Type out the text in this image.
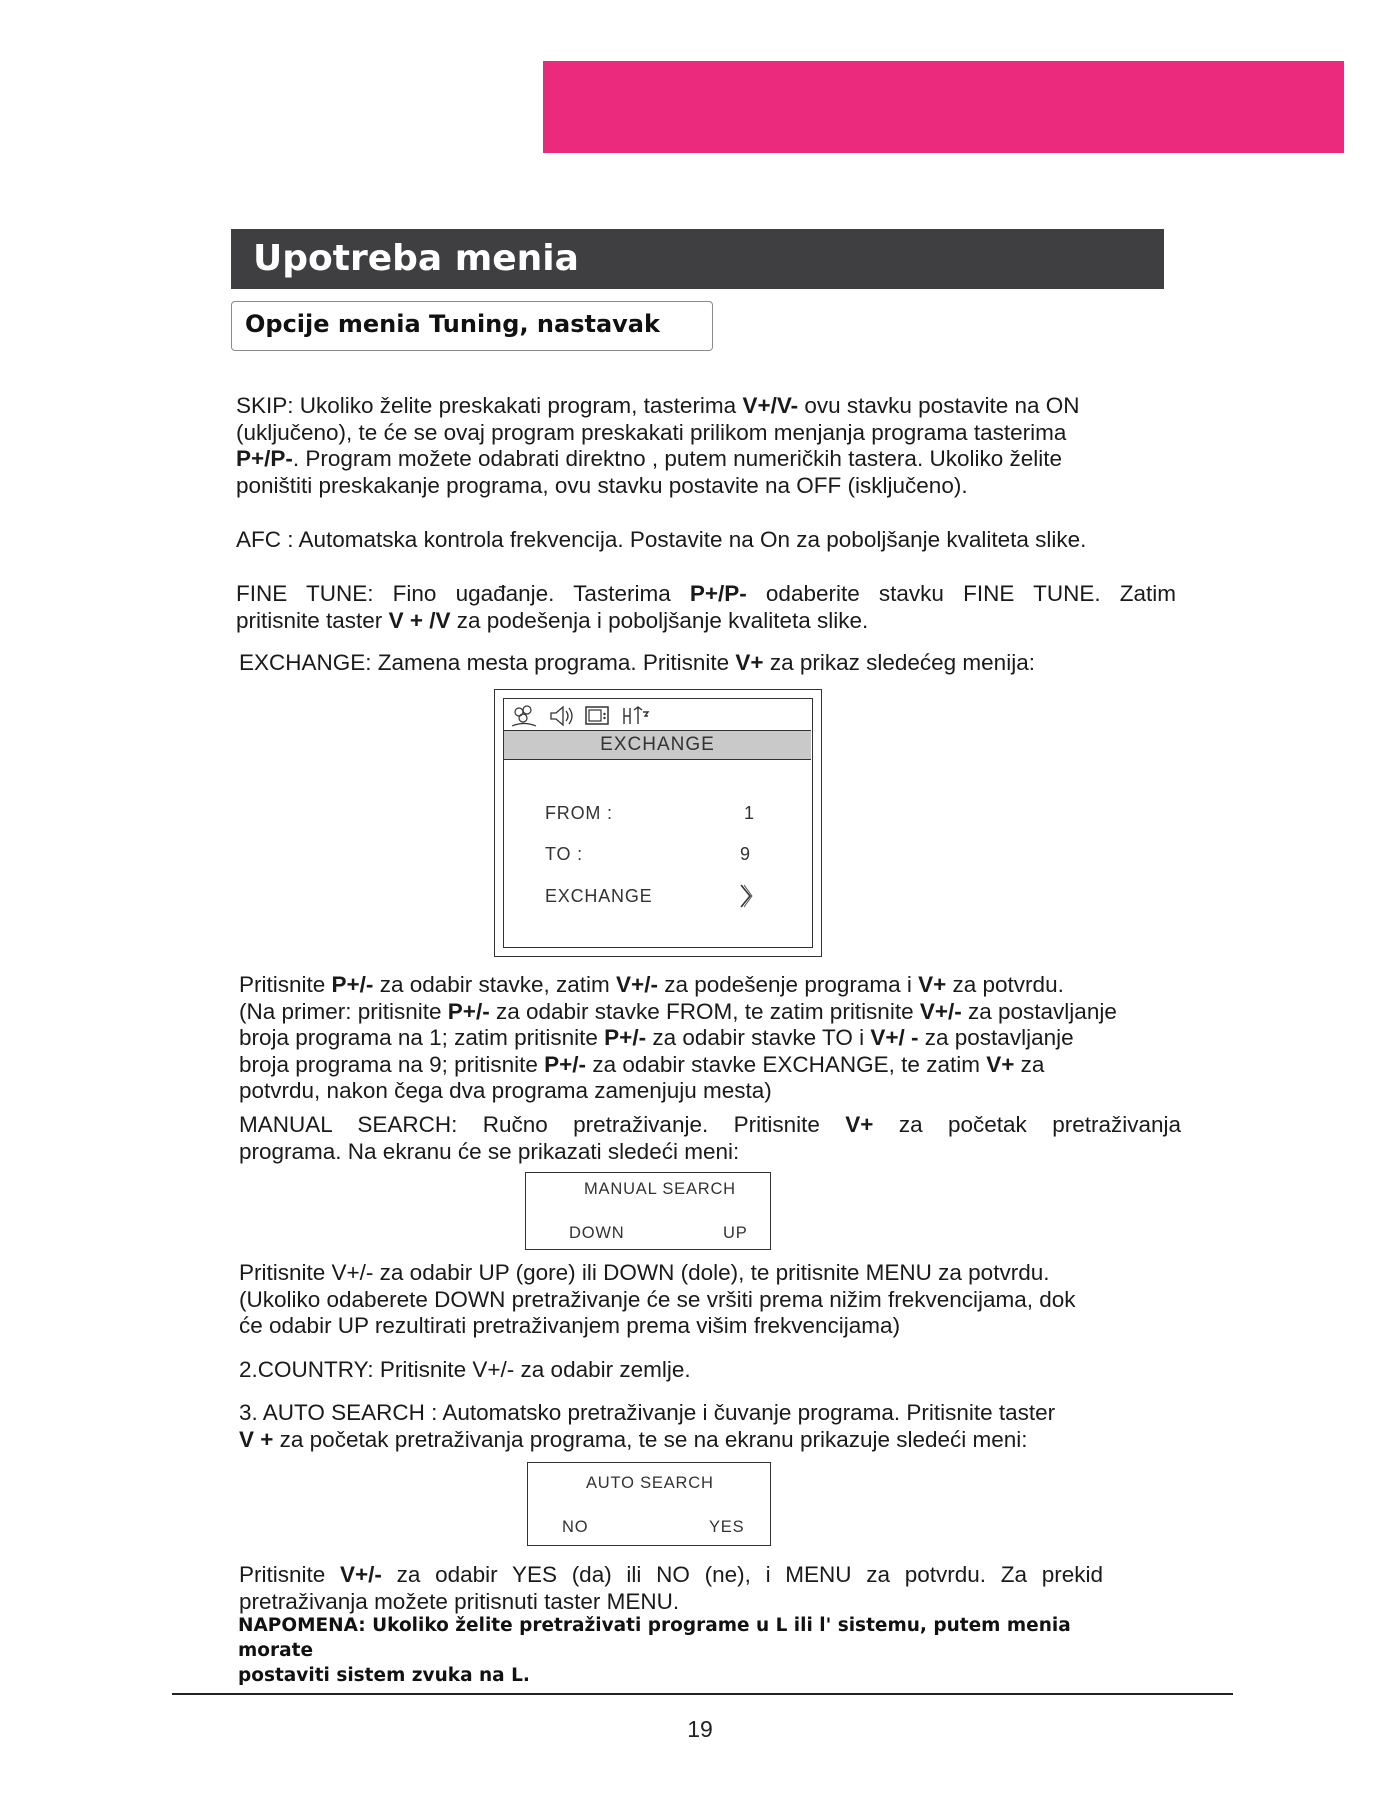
Upotreba menia
Opcije menia Tuning, nastavak
SKIP: Ukoliko želite preskakati program, tasterima V+/V- ovu stavku postavite na ON
(uključeno), te će se ovaj program preskakati prilikom menjanja programa tasterima
P+/P-. Program možete odabrati direktno , putem numeričkih tastera. Ukoliko želite
poništiti preskakanje programa, ovu stavku postavite na OFF (isključeno).
AFC : Automatska kontrola frekvencija. Postavite na On za poboljšanje kvaliteta slike.
FINE TUNE: Fino ugađanje. Tasterima P+/P- odaberite stavku FINE TUNE. Zatim
pritisnite taster V + /V za podešenja i poboljšanje kvaliteta slike.
EXCHANGE: Zamena mesta programa. Pritisnite V+ za prikaz sledećeg menija:
EXCHANGE
FROM :	1
TO :	9
EXCHANGE
Pritisnite P+/- za odabir stavke, zatim V+/- za podešenje programa i V+ za potvrdu.
(Na primer: pritisnite P+/- za odabir stavke FROM, te zatim pritisnite V+/- za postavljanje
broja programa na 1; zatim pritisnite P+/- za odabir stavke TO i V+/ - za postavljanje
broja programa na 9; pritisnite P+/- za odabir stavke EXCHANGE, te zatim V+ za
potvrdu, nakon čega dva programa zamenjuju mesta)
MANUAL SEARCH: Ručno pretraživanje. Pritisnite V+ za početak pretraživanja
programa. Na ekranu će se prikazati sledeći meni:
MANUAL SEARCH
DOWN	UP
Pritisnite V+/- za odabir UP (gore) ili DOWN (dole), te pritisnite MENU za potvrdu.
(Ukoliko odaberete DOWN pretraživanje će se vršiti prema nižim frekvencijama, dok
će odabir UP rezultirati pretraživanjem prema višim frekvencijama)
2.COUNTRY: Pritisnite V+/- za odabir zemlje.
3. AUTO SEARCH : Automatsko pretraživanje i čuvanje programa. Pritisnite taster
V + za početak pretraživanja programa, te se na ekranu prikazuje sledeći meni:
AUTO SEARCH
NO	YES
Pritisnite V+/- za odabir YES (da) ili NO (ne), i MENU za potvrdu. Za prekid
pretraživanja možete pritisnuti taster MENU.
NAPOMENA: Ukoliko želite pretraživati programe u L ili l' sistemu, putem menia morate
postaviti sistem zvuka na L.
19
